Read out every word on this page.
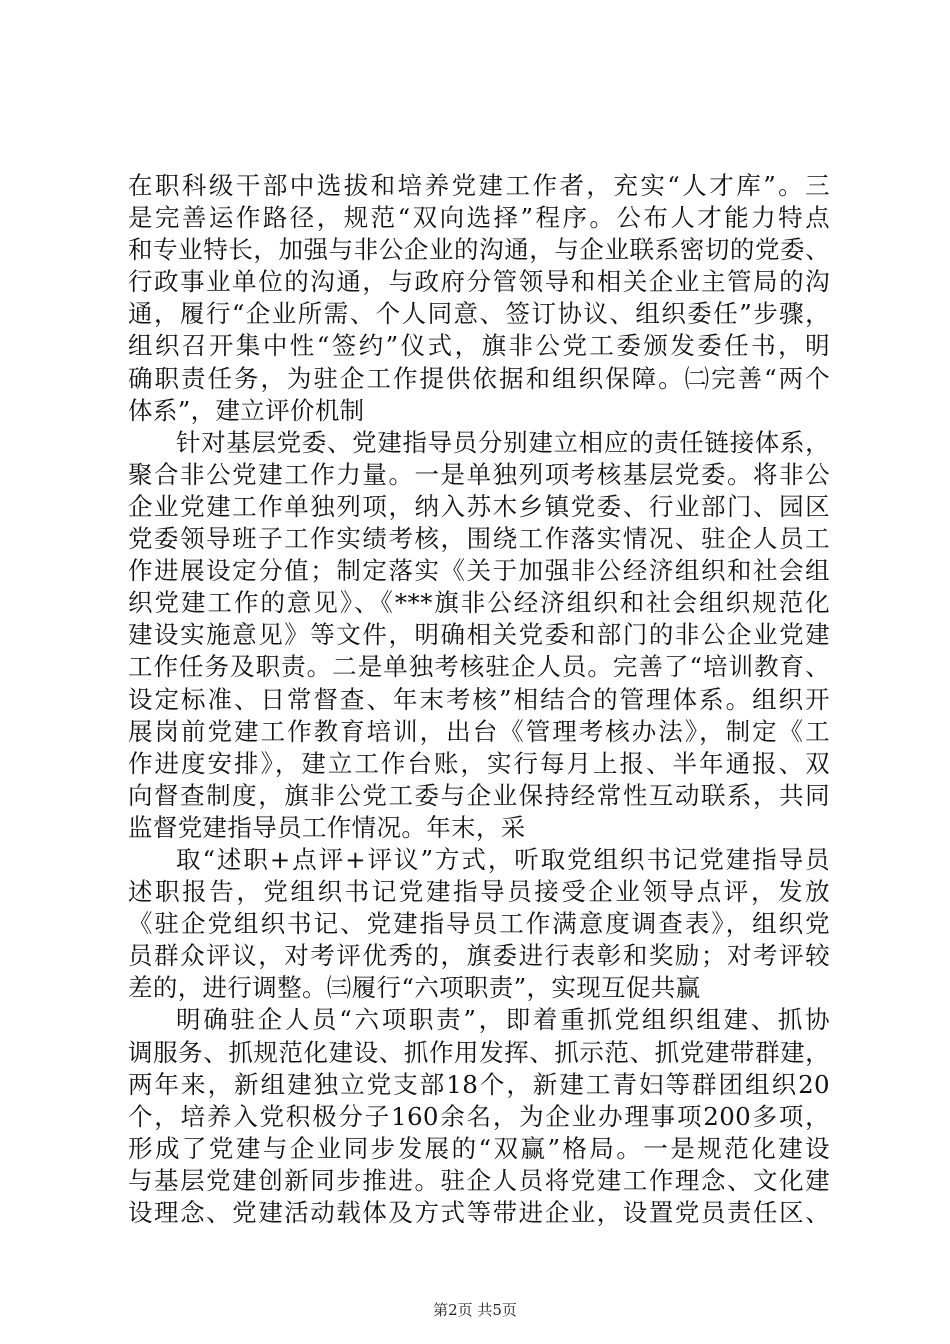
在职科级干部中选拔和培养党建工作者，充实“人才库”。三
是完善运作路径，规范“双向选择”程序。公布人才能力特点
和专业特长，加强与非公企业的沟通，与企业联系密切的党委、
行政事业单位的沟通，与政府分管领导和相关企业主管局的沟
通，履行“企业所需、个人同意、签订协议、组织委任”步骤，
组织召开集中性“签约”仪式，旗非公党工委颁发委任书，明
确职责任务，为驻企工作提供依据和组织保障。㈡完善“两个
体系”，建立评价机制
针对基层党委、党建指导员分别建立相应的责任链接体系，
聚合非公党建工作力量。一是单独列项考核基层党委。将非公
企业党建工作单独列项，纳入苏木乡镇党委、行业部门、园区
党委领导班子工作实绩考核，围绕工作落实情况、驻企人员工
作进展设定分值；制定落实《关于加强非公经济组织和社会组
织党建工作的意见》、《***旗非公经济组织和社会组织规范化
建设实施意见》等文件，明确相关党委和部门的非公企业党建
工作任务及职责。二是单独考核驻企人员。完善了“培训教育、
设定标准、日常督查、年末考核”相结合的管理体系。组织开
展岗前党建工作教育培训，出台《管理考核办法》，制定《工
作进度安排》，建立工作台账，实行每月上报、半年通报、双
向督查制度，旗非公党工委与企业保持经常性互动联系，共同
监督党建指导员工作情况。年末，采
取“述职+点评+评议”方式，听取党组织书记党建指导员
述职报告，党组织书记党建指导员接受企业领导点评，发放
《驻企党组织书记、党建指导员工作满意度调查表》，组织党
员群众评议，对考评优秀的，旗委进行表彰和奖励；对考评较
差的，进行调整。㈢履行“六项职责”，实现互促共赢
明确驻企人员“六项职责”，即着重抓党组织组建、抓协
调服务、抓规范化建设、抓作用发挥、抓示范、抓党建带群建，
两年来，新组建独立党支部18个，新建工青妇等群团组织20
个，培养入党积极分子160余名，为企业办理事项200多项，
形成了党建与企业同步发展的“双赢”格局。一是规范化建设
与基层党建创新同步推进。驻企人员将党建工作理念、文化建
设理念、党建活动载体及方式等带进企业，设置党员责任区、
第2页 共5页
